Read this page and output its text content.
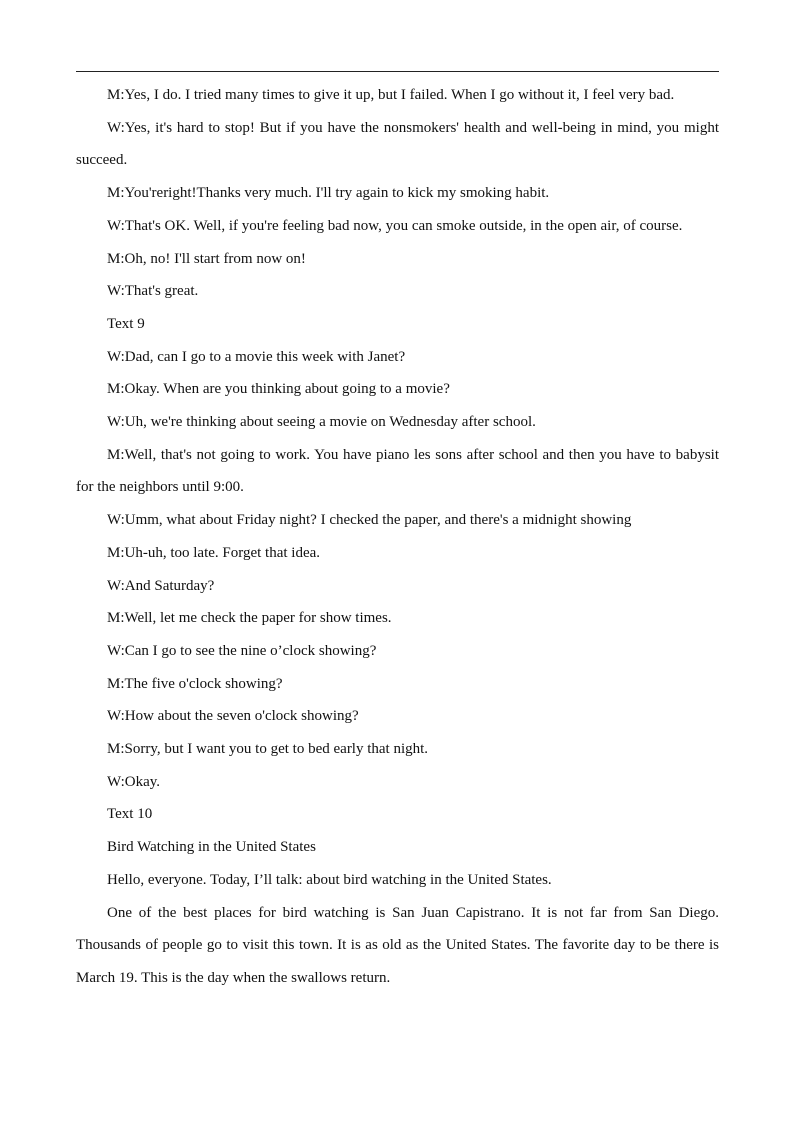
M:Yes, I do. I tried many times to give it up, but I failed. When I go without it, I feel very bad.

W:Yes, it's hard to stop! But if you have the nonsmokers' health and well-being in mind, you might succeed.

M:You'reright!Thanks very much. I'll try again to kick my smoking habit.

W:That's OK. Well, if you're feeling bad now, you can smoke outside, in the open air, of course.

M:Oh, no! I'll start from now on!

W:That's great.

Text 9

W:Dad, can I go to a movie this week with Janet?

M:Okay. When are you thinking about going to a movie?

W:Uh, we're thinking about seeing a movie on Wednesday after school.

M:Well, that's not going to work. You have piano les sons after school and then you have to babysit for the neighbors until 9:00.

W:Umm, what about Friday night? I checked the paper, and there's a midnight showing

M:Uh-uh, too late. Forget that idea.

W:And Saturday?

M:Well, let me check the paper for show times.

W:Can I go to see the nine o’clock showing?

M:The five o'clock showing?

W:How about the seven o'clock showing?

M:Sorry, but I want you to get to bed early that night.

W:Okay.

Text 10

Bird Watching in the United States

Hello, everyone. Today, I’ll talk: about bird watching in the United States.

One of the best places for bird watching is San Juan Capistrano. It is not far from San Diego. Thousands of people go to visit this town. It is as old as the United States. The favorite day to be there is March 19. This is the day when the swallows return.
